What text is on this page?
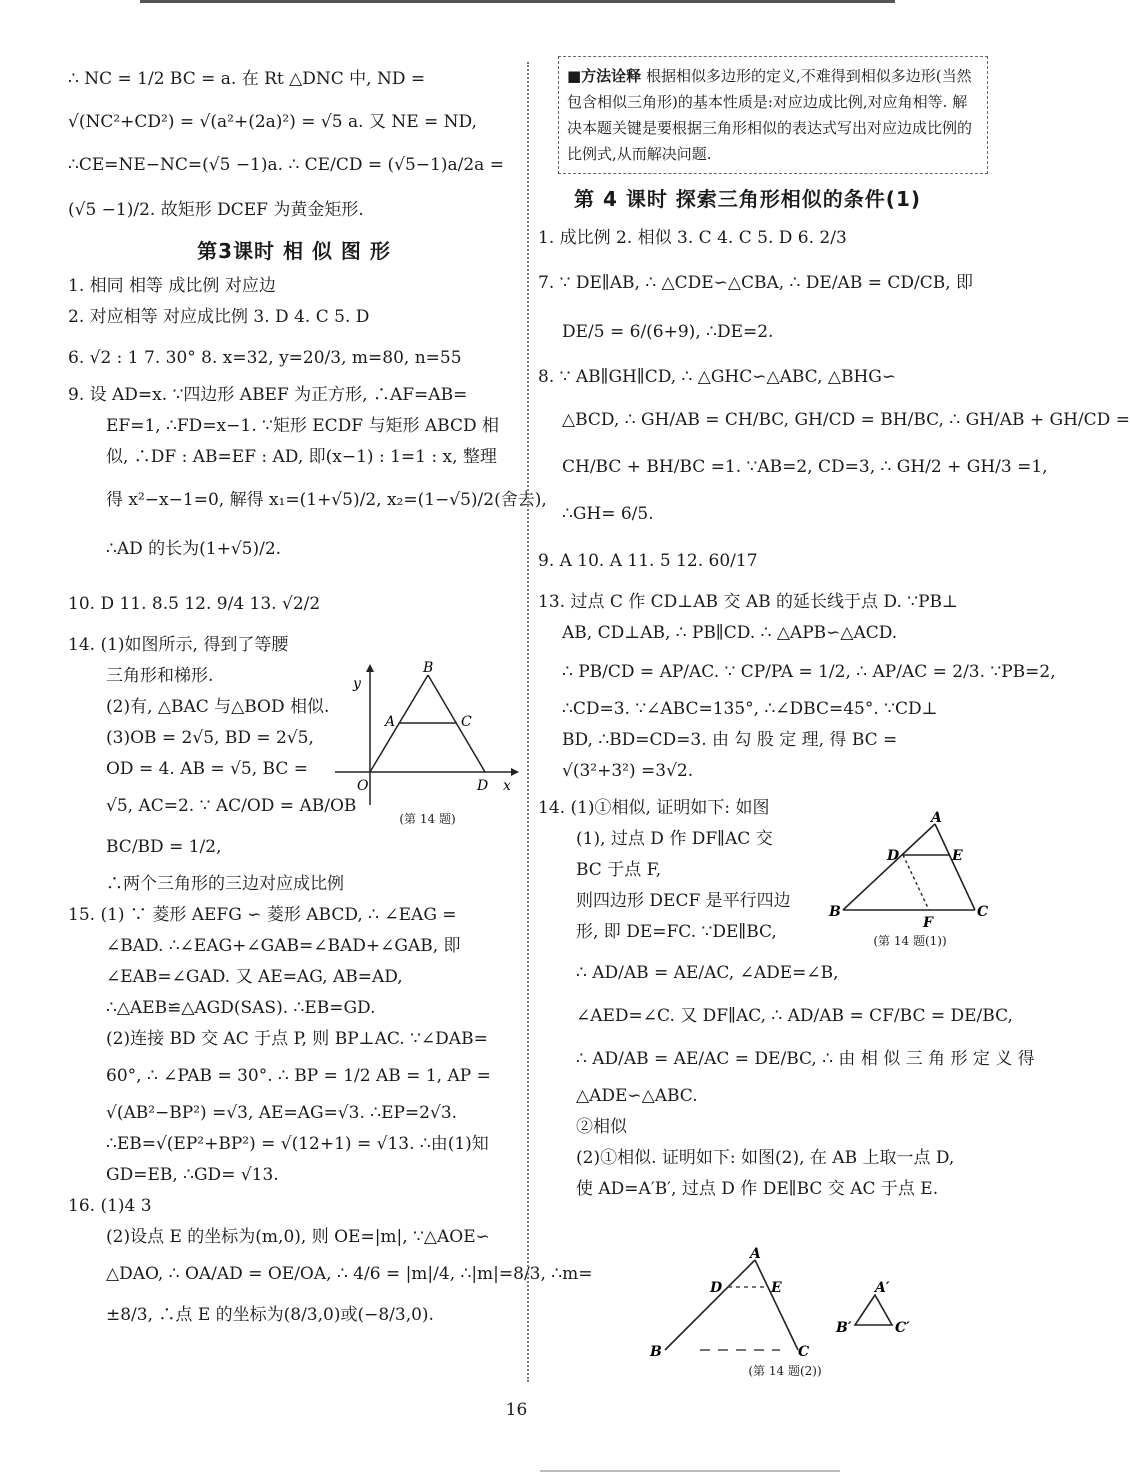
∴ NC = 1/2 BC = a. 在 Rt △DNC 中, ND =
√(NC²+CD²) = √(a²+(2a)²) = √5 a. 又 NE = ND,
∴CE=NE−NC=(√5 −1)a. ∴ CE/CD = (√5−1)a/2a =
(√5 −1)/2. 故矩形 DCEF 为黄金矩形.
第3课时 相 似 图 形
1. 相同 相等 成比例 对应边
2. 对应相等 对应成比例 3. D 4. C 5. D
6. √2 : 1 7. 30° 8. x=32, y=20/3, m=80, n=55
9. 设 AD=x. ∵四边形 ABEF 为正方形, ∴AF=AB=
EF=1, ∴FD=x−1. ∵矩形 ECDF 与矩形 ABCD 相
似, ∴DF : AB=EF : AD, 即(x−1) : 1=1 : x, 整理
得 x²−x−1=0, 解得 x₁=(1+√5)/2, x₂=(1−√5)/2(舍去),
∴AD 的长为(1+√5)/2.
10. D 11. 8.5 12. 9/4 13. √2/2
14. (1)如图所示, 得到了等腰
三角形和梯形.
(2)有, △BAC 与△BOD 相似.
(3)OB = 2√5, BD = 2√5,
OD = 4. AB = √5, BC =
√5, AC=2. ∵ AC/OD = AB/OB
BC/BD = 1/2,
∴两个三角形的三边对应成比例
15. (1) ∵ 菱形 AEFG ∽ 菱形 ABCD, ∴ ∠EAG =
∠BAD. ∴∠EAG+∠GAB=∠BAD+∠GAB, 即
∠EAB=∠GAD. 又 AE=AG, AB=AD,
∴△AEB≌△AGD(SAS). ∴EB=GD.
(2)连接 BD 交 AC 于点 P, 则 BP⊥AC. ∵∠DAB=
60°, ∴ ∠PAB = 30°. ∴ BP = 1/2 AB = 1, AP =
√(AB²−BP²) =√3, AE=AG=√3. ∴EP=2√3.
∴EB=√(EP²+BP²) = √(12+1) = √13. ∴由(1)知
GD=EB, ∴GD= √13.
16. (1)4 3
(2)设点 E 的坐标为(m,0), 则 OE=|m|, ∵△AOE∽
△DAO, ∴ OA/AD = OE/OA, ∴ 4/6 = |m|/4, ∴|m|=8/3, ∴m=
±8/3, ∴点 E 的坐标为(8/3,0)或(−8/3,0).
B
A	C
O	D x
y
(第 14 题)
■方法诠释 根据相似多边形的定义,不难得到相似多边形(当然包含相似三角形)的基本性质是:对应边成比例,对应角相等. 解决本题关键是要根据三角形相似的表达式写出对应边成比例的比例式,从而解决问题.
第 4 课时 探索三角形相似的条件(1)
1. 成比例 2. 相似 3. C 4. C 5. D 6. 2/3
7. ∵ DE∥AB, ∴ △CDE∽△CBA, ∴ DE/AB = CD/CB, 即
DE/5 = 6/(6+9), ∴DE=2.
8. ∵ AB∥GH∥CD, ∴ △GHC∽△ABC, △BHG∽
△BCD, ∴ GH/AB = CH/BC, GH/CD = BH/BC, ∴ GH/AB + GH/CD =
CH/BC + BH/BC =1. ∵AB=2, CD=3, ∴ GH/2 + GH/3 =1,
∴GH= 6/5.
9. A 10. A 11. 5 12. 60/17
13. 过点 C 作 CD⊥AB 交 AB 的延长线于点 D. ∵PB⊥
AB, CD⊥AB, ∴ PB∥CD. ∴ △APB∽△ACD.
∴ PB/CD = AP/AC. ∵ CP/PA = 1/2, ∴ AP/AC = 2/3. ∵PB=2,
∴CD=3. ∵∠ABC=135°, ∴∠DBC=45°. ∵CD⊥
BD, ∴BD=CD=3. 由 勾 股 定 理, 得 BC =
√(3²+3²) =3√2.
14. (1)①相似, 证明如下: 如图
(1), 过点 D 作 DF∥AC 交
BC 于点 F,
则四边形 DECF 是平行四边
形, 即 DE=FC. ∵DE∥BC,
∴ AD/AB = AE/AC, ∠ADE=∠B,
∠AED=∠C. 又 DF∥AC, ∴ AD/AB = CF/BC = DE/BC,
∴ AD/AB = AE/AC = DE/BC, ∴ 由 相 似 三 角 形 定 义 得
△ADE∽△ABC.
②相似
(2)①相似. 证明如下: 如图(2), 在 AB 上取一点 D,
使 AD=A′B′, 过点 D 作 DE∥BC 交 AC 于点 E.
A
D	E
B
F
C
(第 14 题(1))
A
D	E
B	C
A′
B′	C′
(第 14 题(2))
16
